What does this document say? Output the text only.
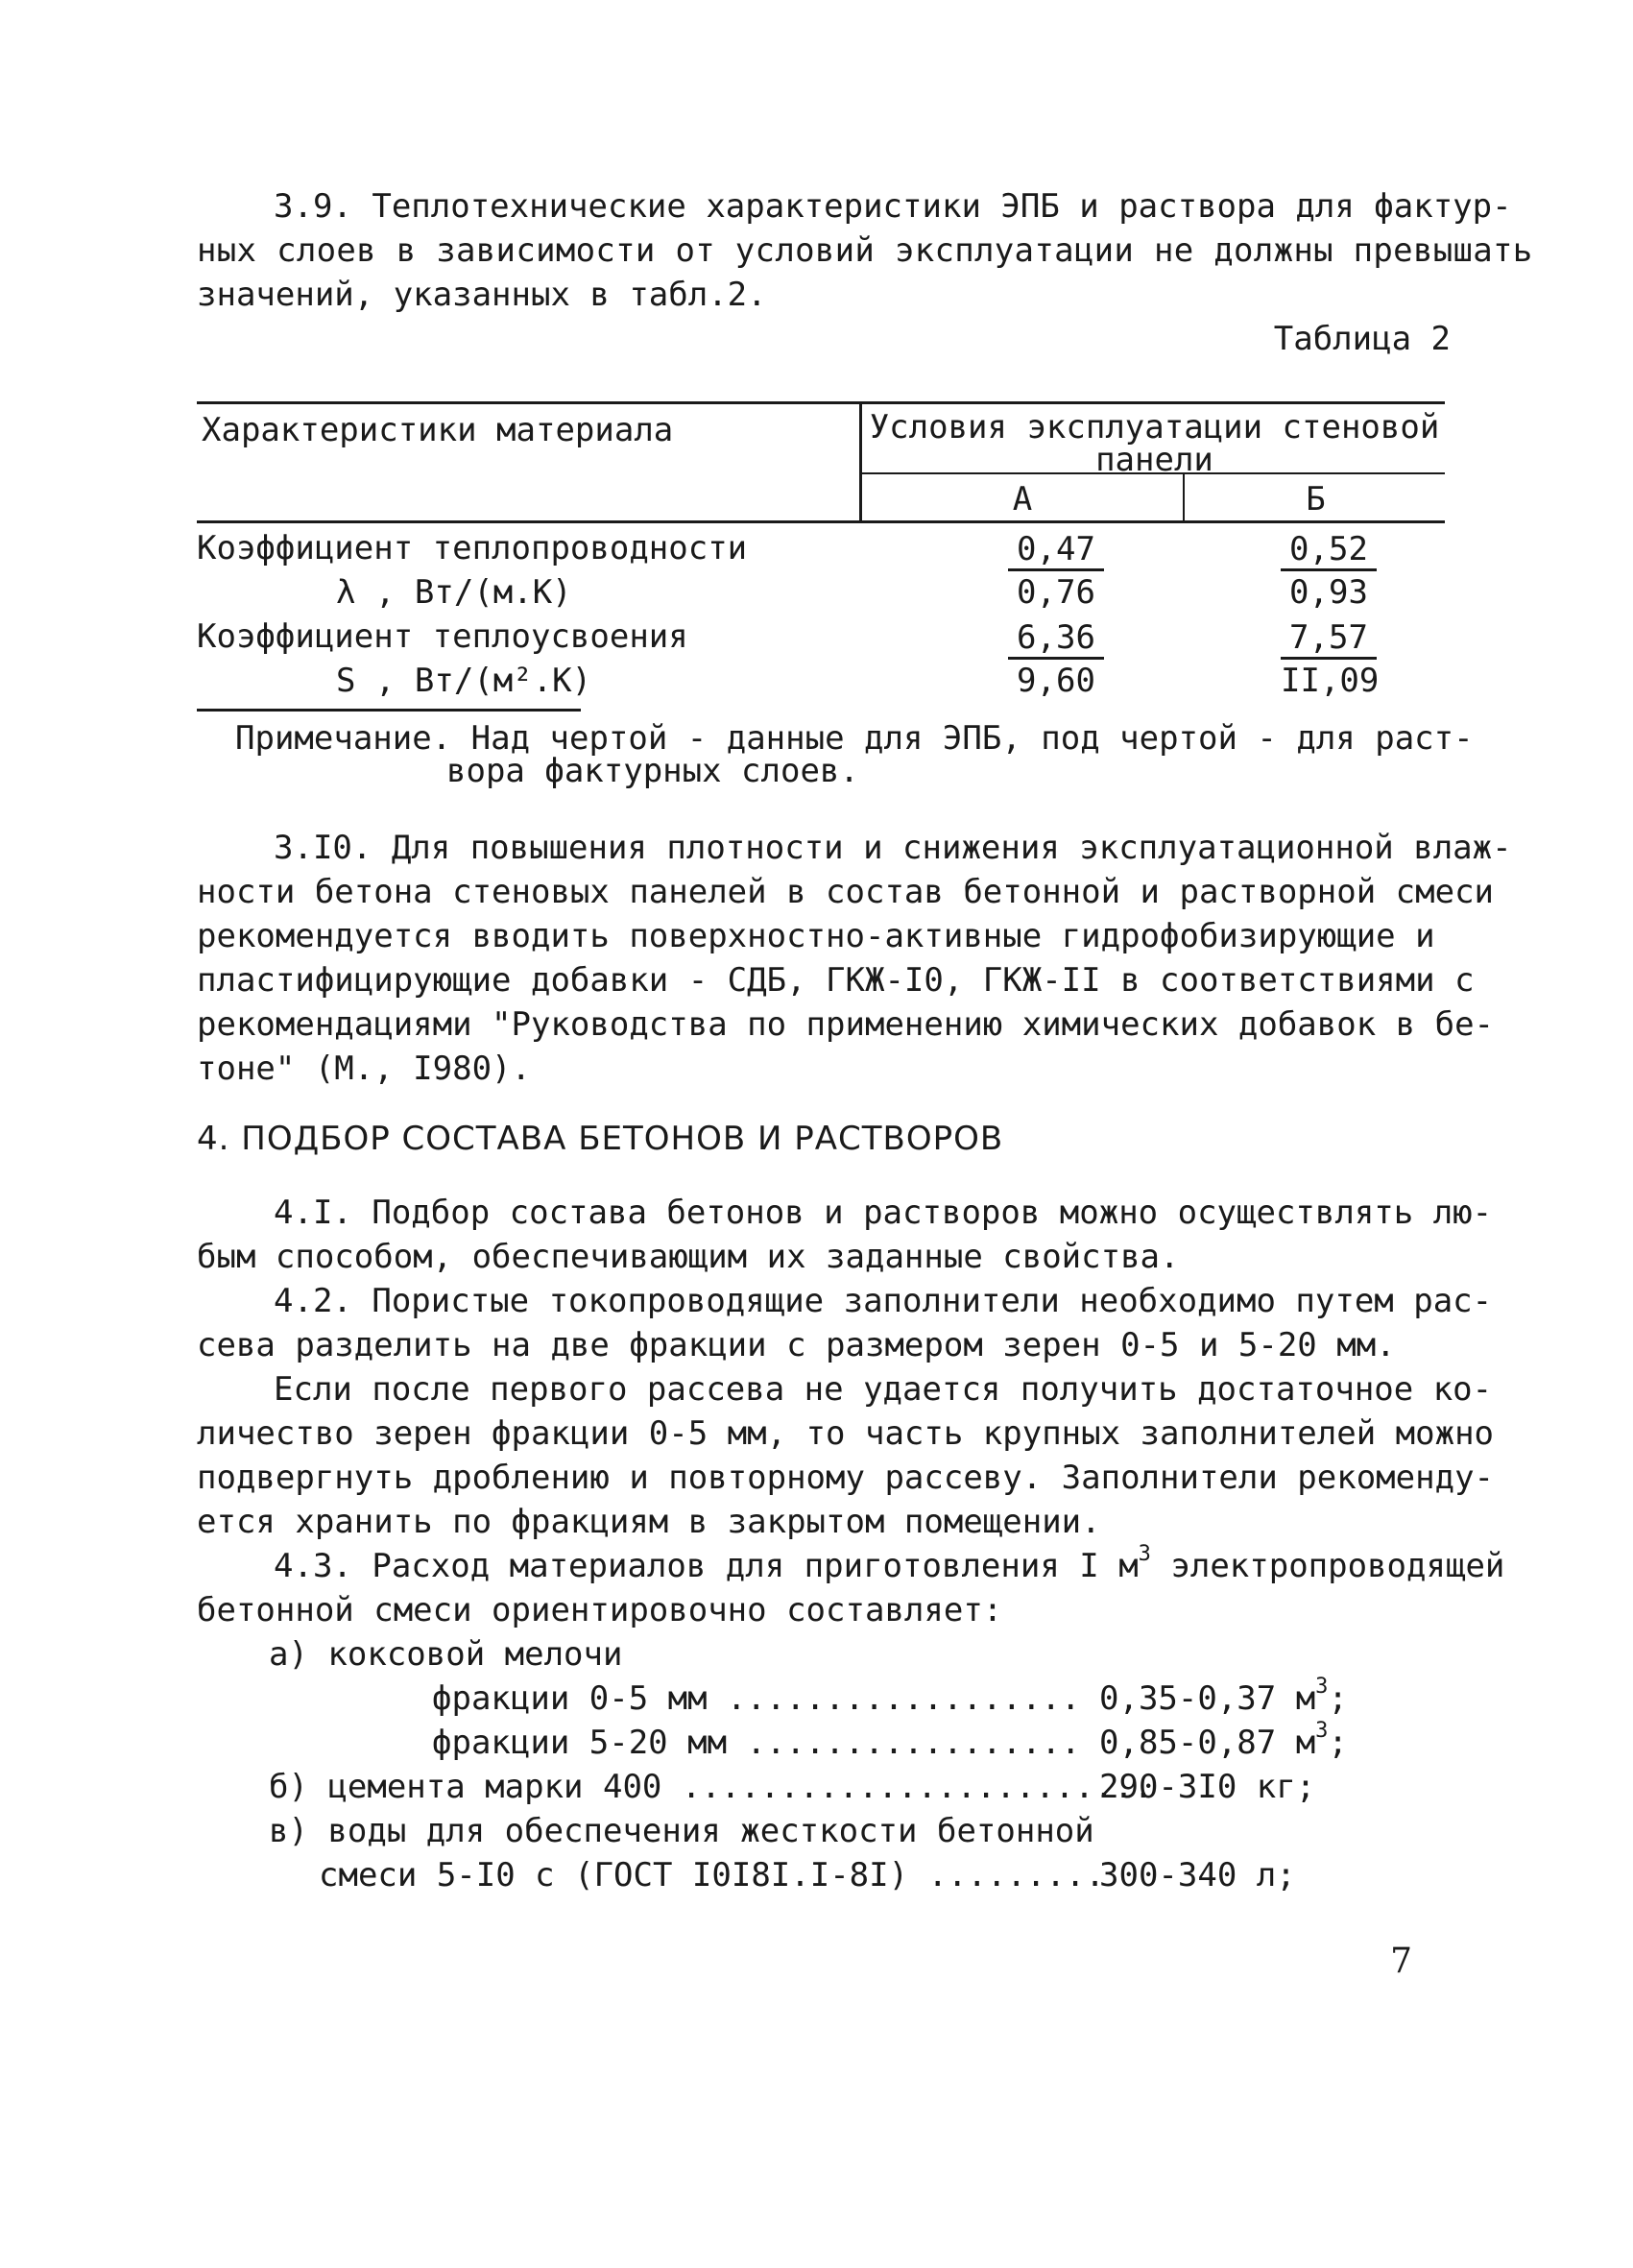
3.9. Теплотехнические характеристики ЭПБ и раствора для фактур-
ных слоев в зависимости от условий эксплуатации не должны превышать
значений, указанных в табл.2.
Таблица 2
Характеристики материала	Условия эксплуатации стеновой
панели
А	Б
Коэффициент теплопроводности
λ , Вт/(м.К)	$\frac{0,47}{0,76}$	$\frac{0,52}{0,93}$
Коэффициент теплоусвоения
S , Вт/(м².К)	$\frac{6,36}{9,60}$	$\frac{7,57}{II,09}$
Примечание. Над чертой - данные для ЭПБ, под чертой - для раст-
вора фактурных слоев.
3.I0. Для повышения плотности и снижения эксплуатационной влаж-
ности бетона стеновых панелей в состав бетонной и растворной смеси
рекомендуется вводить поверхностно-активные гидрофобизирующие и
пластифицирующие добавки - СДБ, ГКЖ-I0, ГКЖ-II в соответствиями с
рекомендациями "Руководства по применению химических добавок в бе-
тоне" (М., I980).
4. ПОДБОР СОСТАВА БЕТОНОВ И РАСТВОРОВ
4.I. Подбор состава бетонов и растворов можно осуществлять лю-
бым способом, обеспечивающим их заданные свойства.
4.2. Пористые токопроводящие заполнители необходимо путем рас-
сева разделить на две фракции с размером зерен 0-5 и 5-20 мм.
Если после первого рассева не удается получить достаточное ко-
личество зерен фракции 0-5 мм, то часть крупных заполнителей можно
подвергнуть дроблению и повторному рассеву. Заполнители рекоменду-
ется хранить по фракциям в закрытом помещении.
4.3. Расход материалов для приготовления I $м^3$ электропроводящей
бетонной смеси ориентировочно составляет:
а) коксовой мелочи
фракции 0-5 мм .................. 0,35-0,37 $м^3$;
фракции 5-20 мм ................. 0,85-0,87 $м^3$;
б) цемента марки 400 ........................
290-3I0 кг;
в) воды для обеспечения жесткости бетонной
смеси 5-I0 с (ГОСТ I0I8I.I-8I) .........
300-340 л;
7
